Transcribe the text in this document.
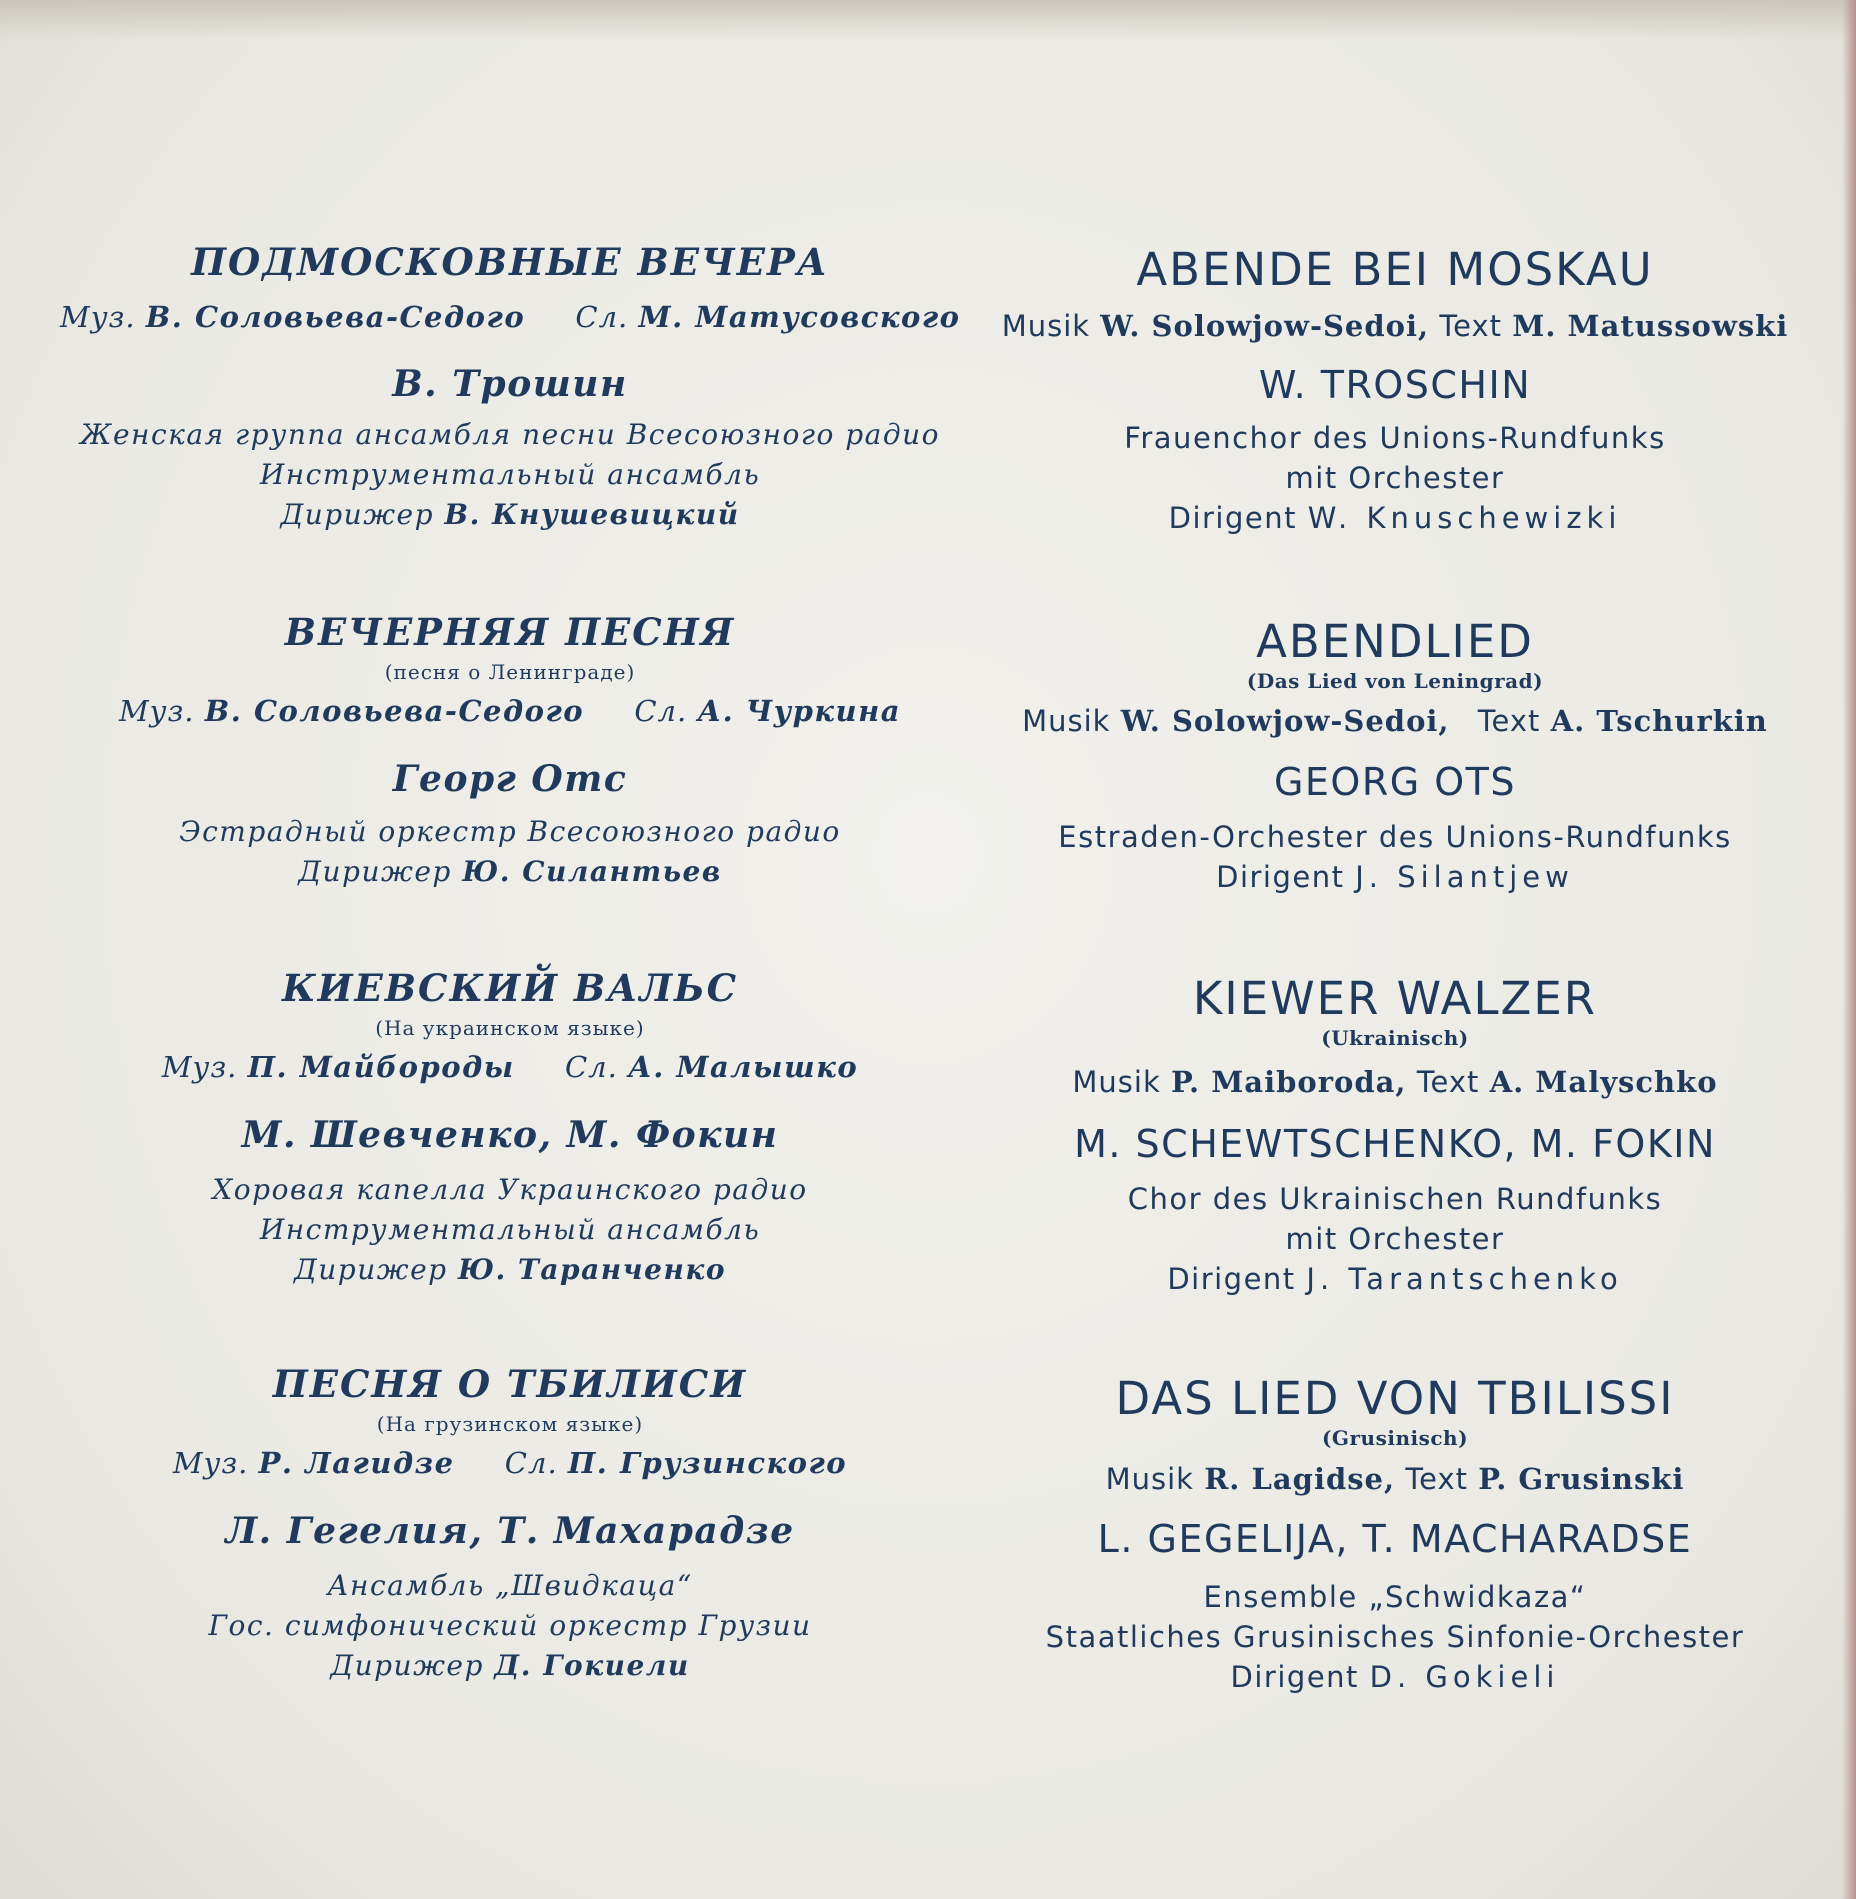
ПОДМОСКОВНЫЕ ВЕЧЕРА
Муз. В. Соловьева-Седого Сл. М. Матусовского
В. Трошин
Женская группа ансамбля песни Всесоюзного радио
Инструментальный ансамбль
Дирижер В. Кнушевицкий
ВЕЧЕРНЯЯ ПЕСНЯ
(песня о Ленинграде)
Муз. В. Соловьева-Седого Сл. А. Чуркина
Георг Отс
Эстрадный оркестр Всесоюзного радио
Дирижер Ю. Силантьев
КИЕВСКИЙ ВАЛЬС
(На украинском языке)
Муз. П. Майбороды Сл. А. Малышко
М. Шевченко, М. Фокин
Хоровая капелла Украинского радио
Инструментальный ансамбль
Дирижер Ю. Таранченко
ПЕСНЯ О ТБИЛИСИ
(На грузинском языке)
Муз. Р. Лагидзе Сл. П. Грузинского
Л. Гегелия, Т. Махарадзе
Ансамбль „Швидкаца“
Гос. симфонический оркестр Грузии
Дирижер Д. Гокиели
ABENDE BEI MOSKAU
Musik W. Solowjow-Sedoi, Text M. Matussowski
W. TROSCHIN
Frauenchor des Unions-Rundfunks
mit Orchester
Dirigent W. Knuschewizki
ABENDLIED
(Das Lied von Leningrad)
Musik W. Solowjow-Sedoi, Text A. Tschurkin
GEORG OTS
Estraden-Orchester des Unions-Rundfunks
Dirigent J. Silantjew
KIEWER WALZER
(Ukrainisch)
Musik P. Maiboroda, Text A. Malyschko
M. SCHEWTSCHENKO, M. FOKIN
Chor des Ukrainischen Rundfunks
mit Orchester
Dirigent J. Tarantschenko
DAS LIED VON TBILISSI
(Grusinisch)
Musik R. Lagidse, Text P. Grusinski
L. GEGELIJA, T. MACHARADSE
Ensemble „Schwidkaza“
Staatliches Grusinisches Sinfonie-Orchester
Dirigent D. Gokieli
